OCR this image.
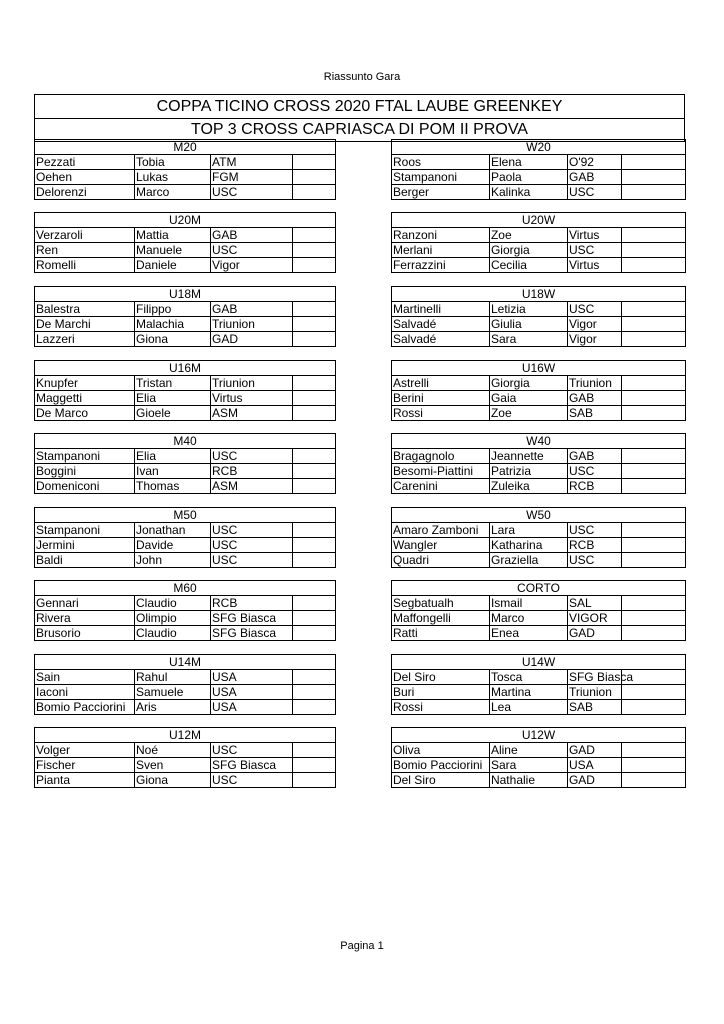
Riassunto Gara
COPPA TICINO CROSS 2020 FTAL LAUBE GREENKEY
TOP 3 CROSS CAPRIASCA DI POM II PROVA
M20			
Pezzati	Tobia	ATM	
Oehen	Lukas	FGM	
Delorenzi	Marco	USC	
W20			
Roos	Elena	O'92	
Stampanoni	Paola	GAB	
Berger	Kalinka	USC	
U20M			
Verzaroli	Mattia	GAB	
Ren	Manuele	USC	
Romelli	Daniele	Vigor	
U20W			
Ranzoni	Zoe	Virtus	
Merlani	Giorgia	USC	
Ferrazzini	Cecilia	Virtus	
U18M			
Balestra	Filippo	GAB	
De Marchi	Malachia	Triunion	
Lazzeri	Giona	GAD	
U18W			
Martinelli	Letizia	USC	
Salvadé	Giulia	Vigor	
Salvadé	Sara	Vigor	
U16M			
Knupfer	Tristan	Triunion	
Maggetti	Elia	Virtus	
De Marco	Gioele	ASM	
U16W			
Astrelli	Giorgia	Triunion	
Berini	Gaia	GAB	
Rossi	Zoe	SAB	
M40			
Stampanoni	Elia	USC	
Boggini	Ivan	RCB	
Domeniconi	Thomas	ASM	
W40			
Bragagnolo	Jeannette	GAB	
Besomi-Piattini	Patrizia	USC	
Carenini	Zuleika	RCB	
M50			
Stampanoni	Jonathan	USC	
Jermini	Davide	USC	
Baldi	John	USC	
W50			
Amaro Zamboni	Lara	USC	
Wangler	Katharina	RCB	
Quadri	Graziella	USC	
M60			
Gennari	Claudio	RCB	
Rivera	Olimpio	SFG Biasca	
Brusorio	Claudio	SFG Biasca	
CORTO			
Segbatualh	Ismail	SAL	
Maffongelli	Marco	VIGOR	
Ratti	Enea	GAD	
U14M			
Sain	Rahul	USA	
Iaconi	Samuele	USA	
Bomio Pacciorini	Aris	USA	
U14W			
Del Siro	Tosca	SFG Biasca	
Buri	Martina	Triunion	
Rossi	Lea	SAB	
U12M			
Volger	Noé	USC	
Fischer	Sven	SFG Biasca	
Pianta	Giona	USC	
U12W			
Oliva	Aline	GAD	
Bomio Pacciorini	Sara	USA	
Del Siro	Nathalie	GAD	
Pagina 1
